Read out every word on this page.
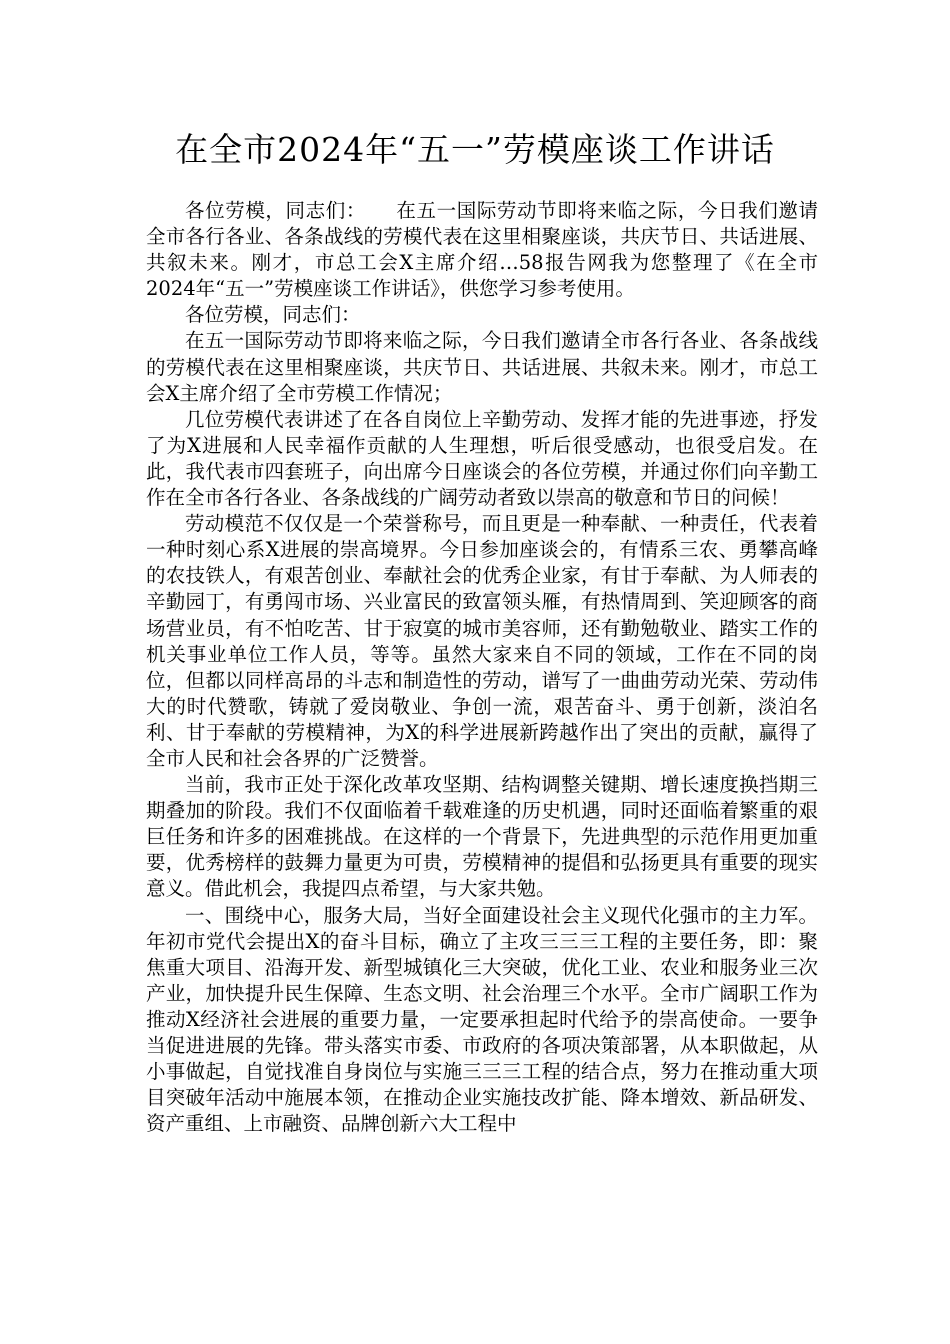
在全市2024年“五一”劳模座谈工作讲话

各位劳模，同志们：　　在五一国际劳动节即将来临之际，今日我们邀请全市各行各业、各条战线的劳模代表在这里相聚座谈，共庆节日、共话进展、共叙未来。刚才，市总工会X主席介绍…58报告网我为您整理了《在全市2024年“五一”劳模座谈工作讲话》，供您学习参考使用。

各位劳模，同志们：

在五一国际劳动节即将来临之际，今日我们邀请全市各行各业、各条战线的劳模代表在这里相聚座谈，共庆节日、共话进展、共叙未来。刚才，市总工会X主席介绍了全市劳模工作情况；

几位劳模代表讲述了在各自岗位上辛勤劳动、发挥才能的先进事迹，抒发了为X进展和人民幸福作贡献的人生理想，听后很受感动，也很受启发。在此，我代表市四套班子，向出席今日座谈会的各位劳模，并通过你们向辛勤工作在全市各行各业、各条战线的广阔劳动者致以崇高的敬意和节日的问候！

劳动模范不仅仅是一个荣誉称号，而且更是一种奉献、一种责任，代表着一种时刻心系X进展的崇高境界。今日参加座谈会的，有情系三农、勇攀高峰的农技铁人，有艰苦创业、奉献社会的优秀企业家，有甘于奉献、为人师表的辛勤园丁，有勇闯市场、兴业富民的致富领头雁，有热情周到、笑迎顾客的商场营业员，有不怕吃苦、甘于寂寞的城市美容师，还有勤勉敬业、踏实工作的机关事业单位工作人员，等等。虽然大家来自不同的领域，工作在不同的岗位，但都以同样高昂的斗志和制造性的劳动，谱写了一曲曲劳动光荣、劳动伟大的时代赞歌，铸就了爱岗敬业、争创一流，艰苦奋斗、勇于创新，淡泊名利、甘于奉献的劳模精神，为X的科学进展新跨越作出了突出的贡献，赢得了全市人民和社会各界的广泛赞誉。

当前，我市正处于深化改革攻坚期、结构调整关键期、增长速度换挡期三期叠加的阶段。我们不仅面临着千载难逢的历史机遇，同时还面临着繁重的艰巨任务和许多的困难挑战。在这样的一个背景下，先进典型的示范作用更加重要，优秀榜样的鼓舞力量更为可贵，劳模精神的提倡和弘扬更具有重要的现实意义。借此机会，我提四点希望，与大家共勉。

一、围绕中心，服务大局，当好全面建设社会主义现代化强市的主力军。年初市党代会提出X的奋斗目标，确立了主攻三三三工程的主要任务，即：聚焦重大项目、沿海开发、新型城镇化三大突破，优化工业、农业和服务业三次产业，加快提升民生保障、生态文明、社会治理三个水平。全市广阔职工作为推动X经济社会进展的重要力量，一定要承担起时代给予的崇高使命。一要争当促进进展的先锋。带头落实市委、市政府的各项决策部署，从本职做起，从小事做起，自觉找准自身岗位与实施三三三工程的结合点，努力在推动重大项目突破年活动中施展本领，在推动企业实施技改扩能、降本增效、新品研发、资产重组、上市融资、品牌创新六大工程中
